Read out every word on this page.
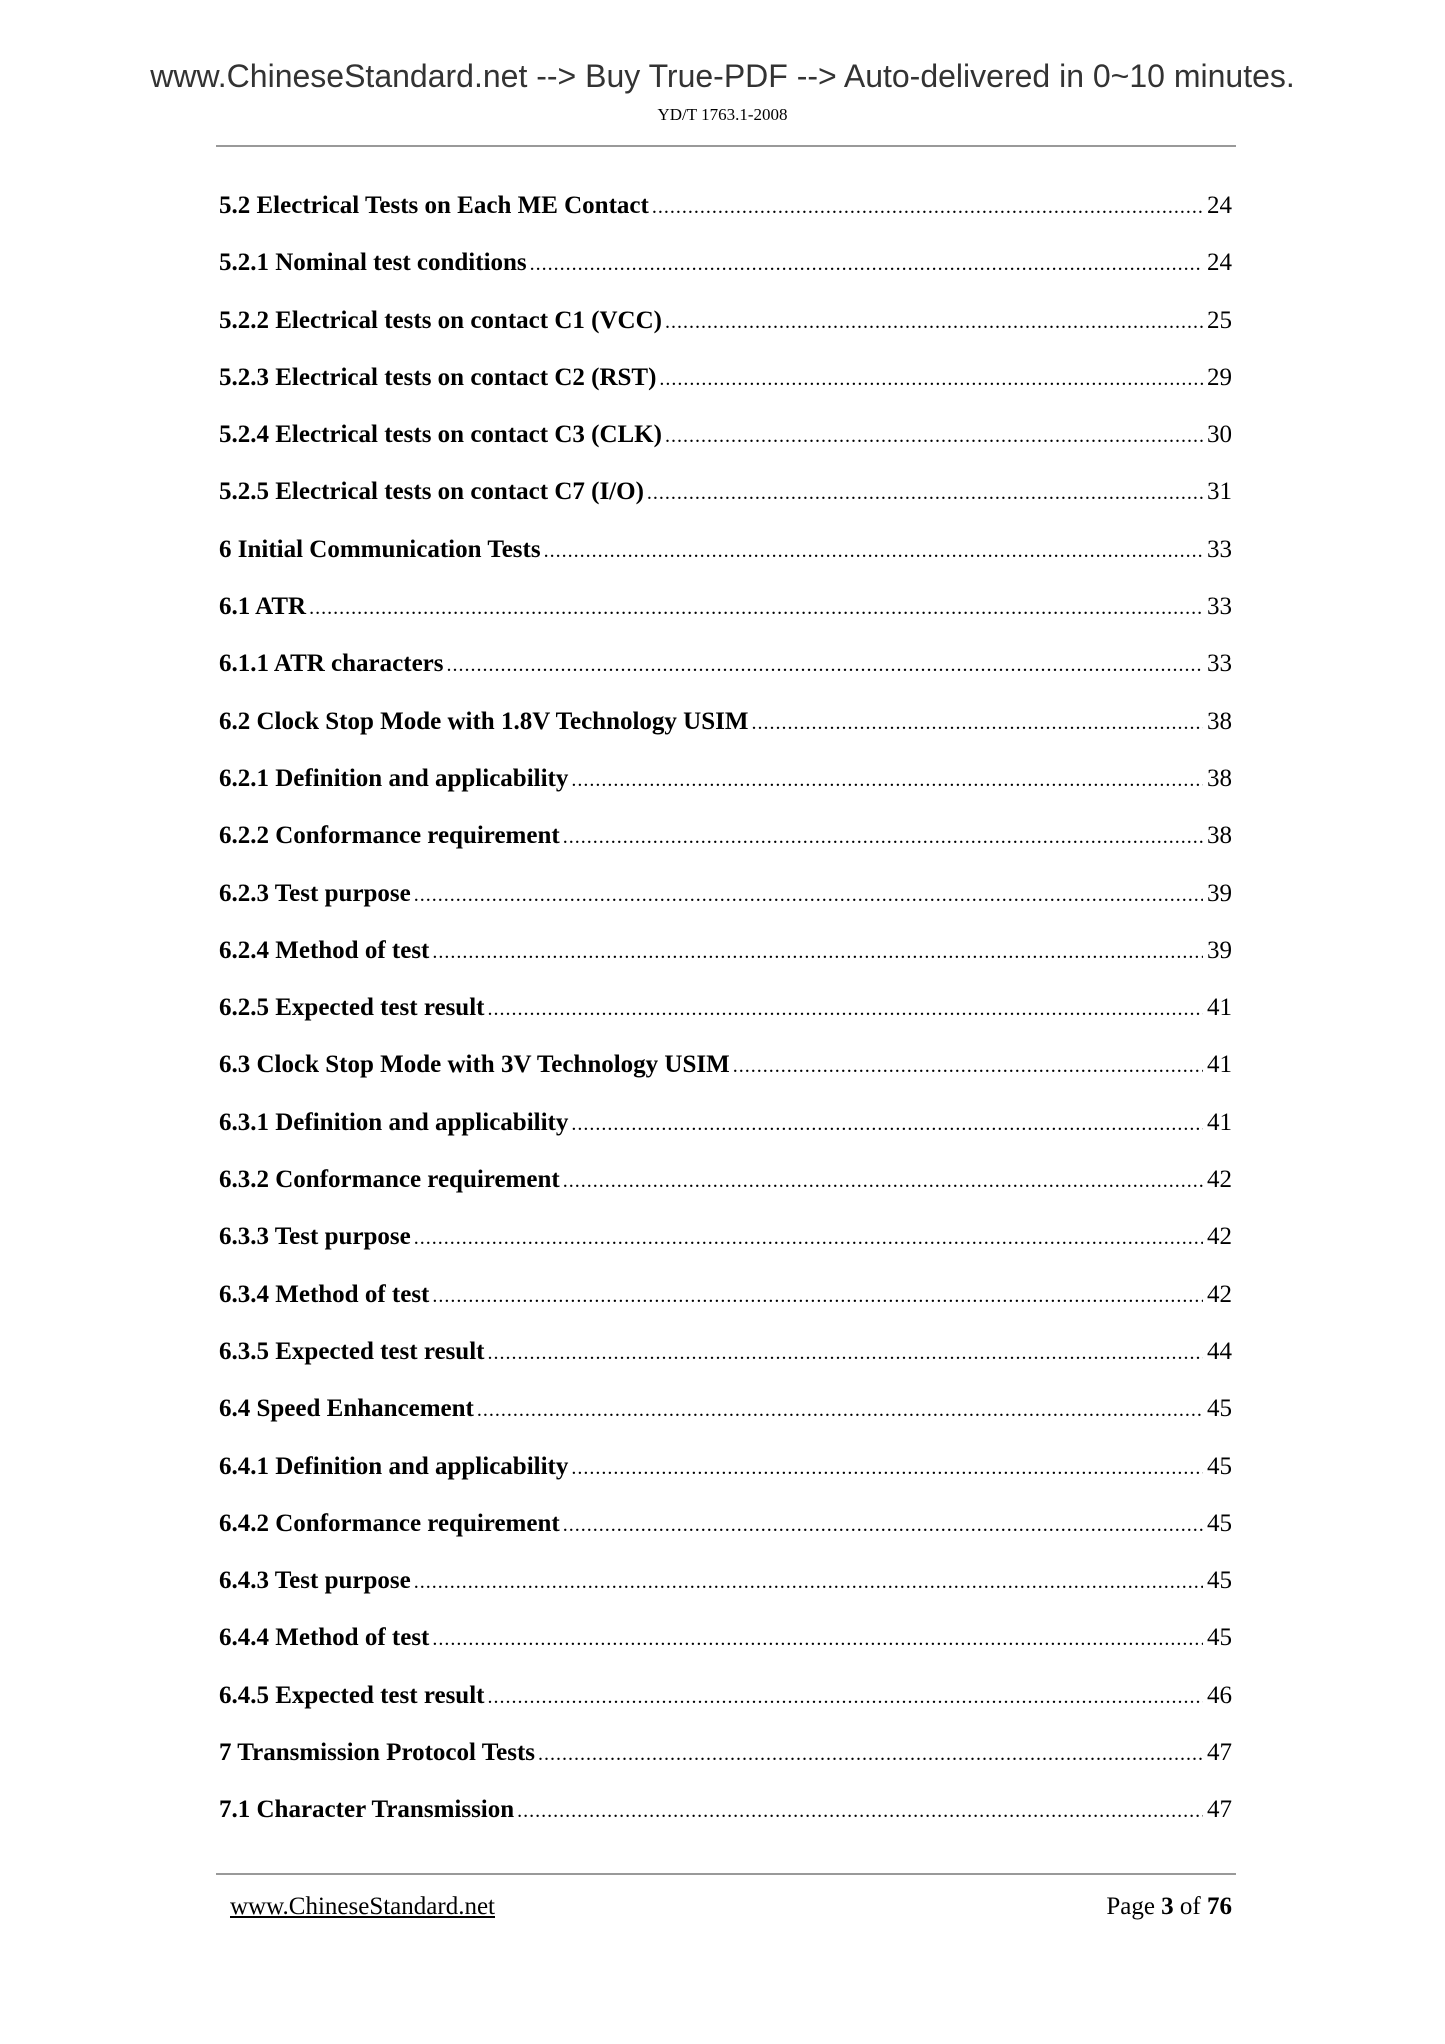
www.ChineseStandard.net --> Buy True-PDF --> Auto-delivered in 0~10 minutes.
YD/T 1763.1-2008
5.2 Electrical Tests on Each ME Contact .....	24
5.2.1 Nominal test conditions .....	24
5.2.2 Electrical tests on contact C1 (VCC) .....	25
5.2.3 Electrical tests on contact C2 (RST) .....	29
5.2.4 Electrical tests on contact C3 (CLK) .....	30
5.2.5 Electrical tests on contact C7 (I/O) .....	31
6 Initial Communication Tests .....	33
6.1 ATR .....	33
6.1.1 ATR characters .....	33
6.2 Clock Stop Mode with 1.8V Technology USIM .....	38
6.2.1 Definition and applicability .....	38
6.2.2 Conformance requirement .....	38
6.2.3 Test purpose .....	39
6.2.4 Method of test .....	39
6.2.5 Expected test result .....	41
6.3 Clock Stop Mode with 3V Technology USIM .....	41
6.3.1 Definition and applicability .....	41
6.3.2 Conformance requirement .....	42
6.3.3 Test purpose .....	42
6.3.4 Method of test .....	42
6.3.5 Expected test result .....	44
6.4 Speed Enhancement .....	45
6.4.1 Definition and applicability .....	45
6.4.2 Conformance requirement .....	45
6.4.3 Test purpose .....	45
6.4.4 Method of test .....	45
6.4.5 Expected test result .....	46
7 Transmission Protocol Tests .....	47
7.1 Character Transmission .....	47
www.ChineseStandard.net	Page 3 of 76
